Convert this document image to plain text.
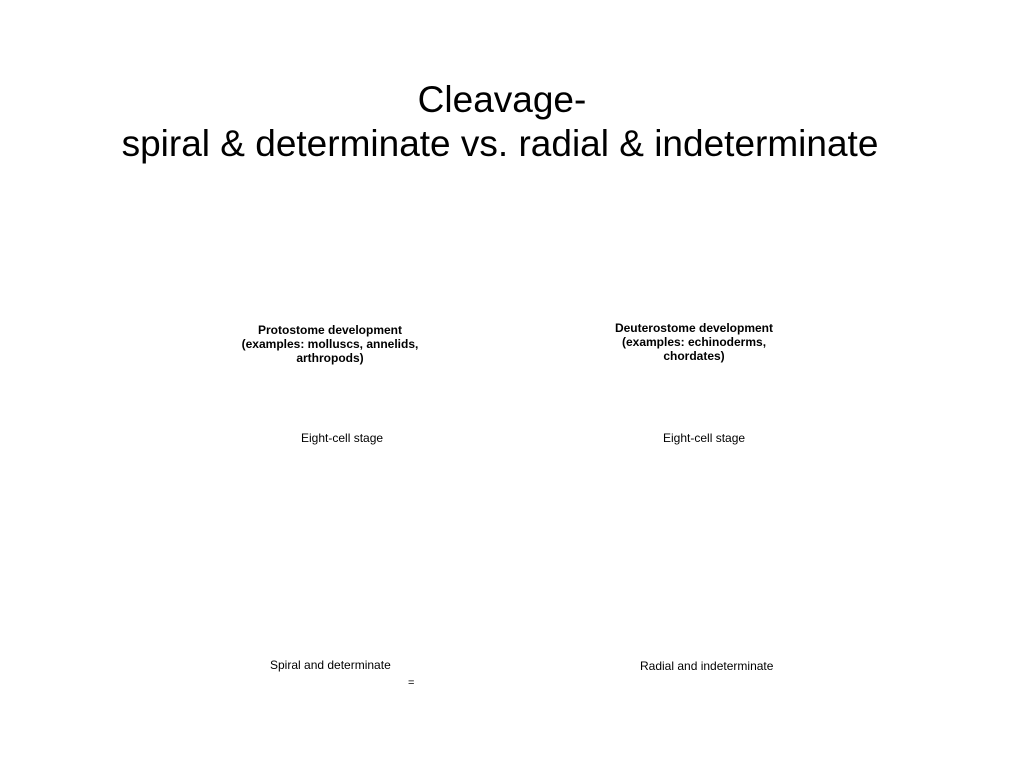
Cleavage-
spiral & determinate vs. radial & indeterminate
Protostome development
(examples: molluscs, annelids,
arthropods)
Deuterostome development
(examples: echinoderms,
chordates)
Eight-cell stage	Eight-cell stage
Spiral and determinate	Radial and indeterminate
=
